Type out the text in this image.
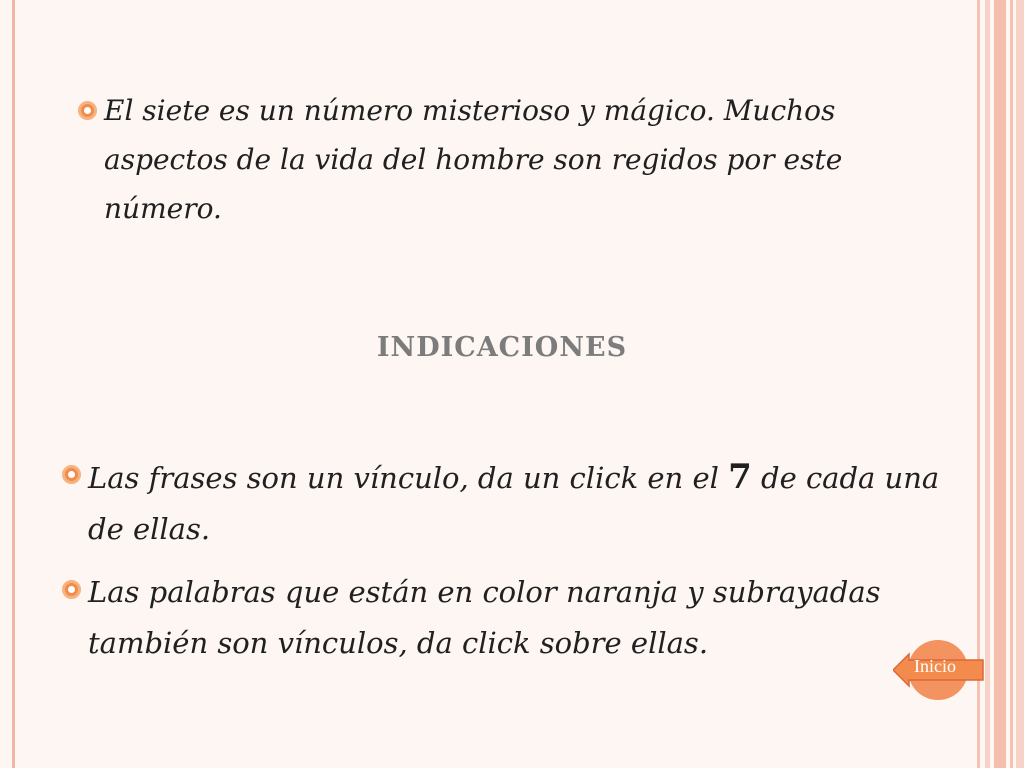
El siete es un número misterioso y mágico. Muchos aspectos de la vida del hombre son regidos por este número.

INDICACIONES

Las frases son un vínculo, da un click en el 7 de cada una de ellas.

Las palabras que están en color naranja y subrayadas también son vínculos, da click sobre ellas.

Inicio
